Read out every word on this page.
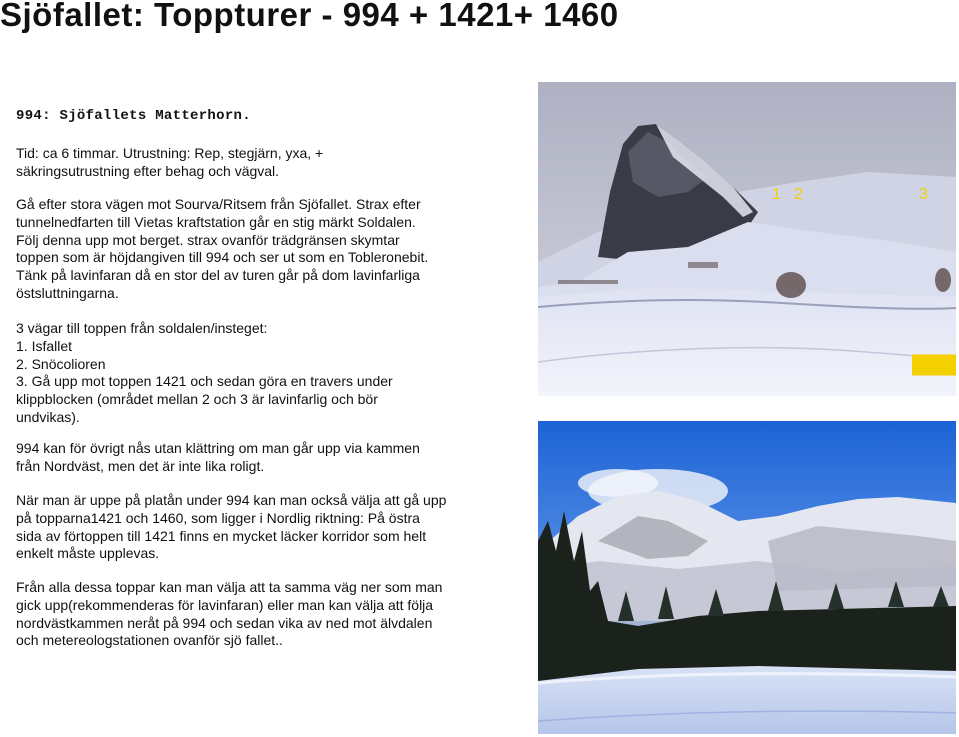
Sjöfallet: Toppturer - 994 + 1421+ 1460
994: Sjöfallets Matterhorn.

Tid: ca 6 timmar. Utrustning: Rep, stegjärn, yxa, +

säkringsutrustning efter behag och vägval.

Gå efter stora vägen mot Sourva/Ritsem från Sjöfallet. Strax efter

tunnelnedfarten till Vietas kraftstation går en stig märkt Soldalen.

Följ denna upp mot berget. strax ovanför trädgränsen skymtar

toppen som är höjdangiven till 994 och ser ut som en Tobleronebit.

Tänk på lavinfaran då en stor del av turen går på dom lavinfarliga

östsluttningarna.

3 vägar till toppen från soldalen/insteget:

1. Isfallet
2. Snöcolioren
3. Gå upp mot toppen 1421 och sedan göra en travers under
klippblocken (området mellan 2 och 3 är lavinfarlig och bör
undvikas).

994 kan för övrigt nås utan klättring om man går upp via kammen

från Nordväst, men det är inte lika roligt.

När man är uppe på platån under 994 kan man också välja att gå upp

på topparna1421 och 1460, som ligger i Nordlig riktning: På östra

sida av förtoppen till 1421 finns en mycket läcker korridor som helt

enkelt måste upplevas.

Från alla dessa toppar kan man välja att ta samma väg ner som man

gick upp(rekommenderas för lavinfaran) eller man kan välja att följa

nordvästkammen neråt på 994 och sedan vika av ned mot älvdalen

och metereologstationen ovanför sjö fallet..

1 2	3
